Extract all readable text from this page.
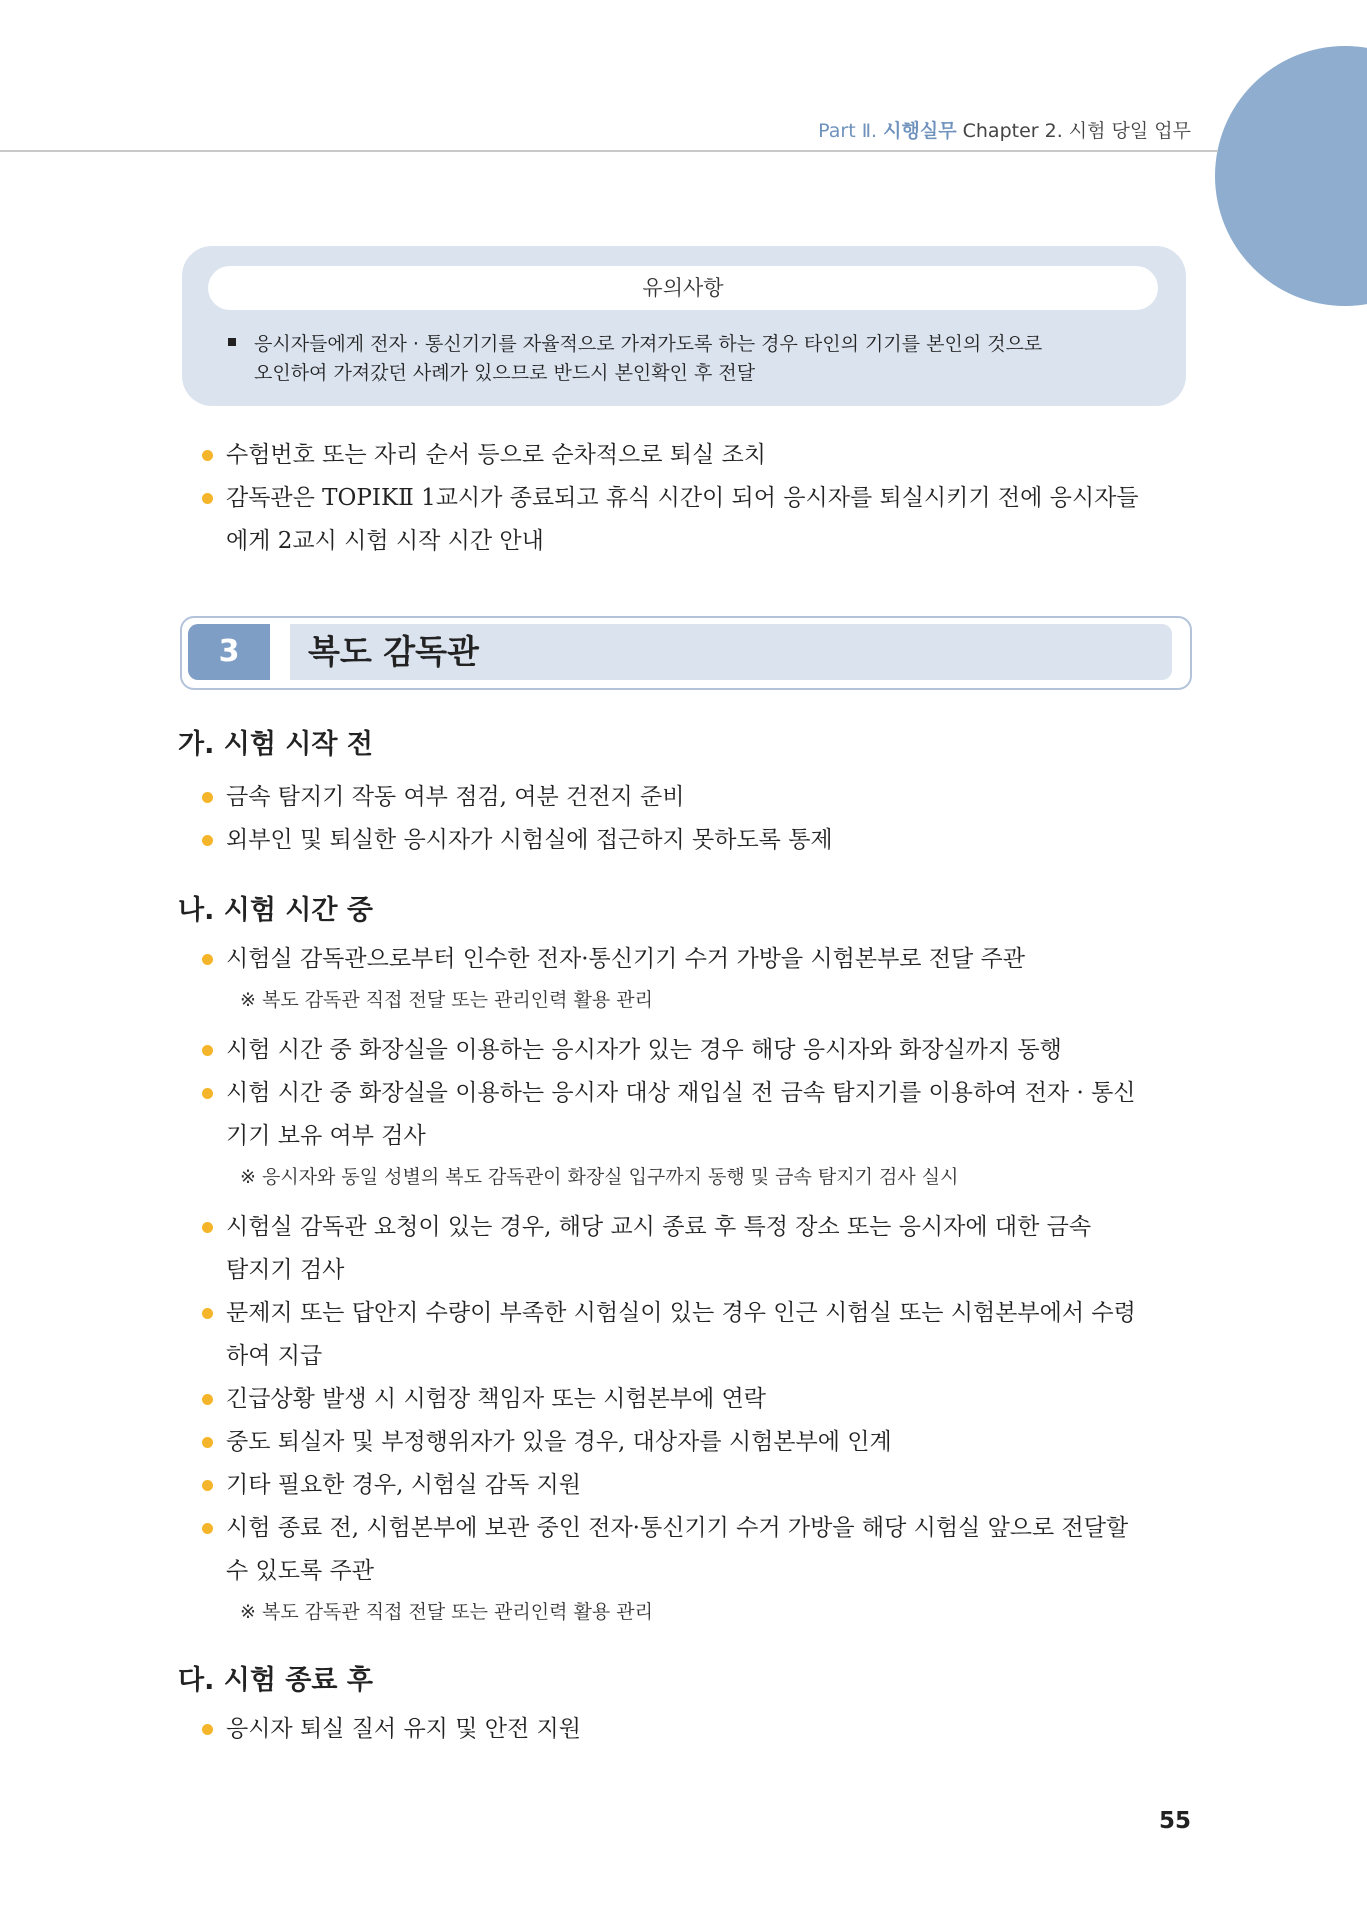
Part Ⅱ. 시행실무 Chapter 2. 시험 당일 업무
유의사항
응시자들에게 전자 · 통신기기를 자율적으로 가져가도록 하는 경우 타인의 기기를 본인의 것으로
오인하여 가져갔던 사례가 있으므로 반드시 본인확인 후 전달
수험번호 또는 자리 순서 등으로 순차적으로 퇴실 조치
감독관은 TOPIKⅡ 1교시가 종료되고 휴식 시간이 되어 응시자를 퇴실시키기 전에 응시자들
에게 2교시 시험 시작 시간 안내
3	복도 감독관
가. 시험 시작 전
금속 탐지기 작동 여부 점검, 여분 건전지 준비
외부인 및 퇴실한 응시자가 시험실에 접근하지 못하도록 통제
나. 시험 시간 중
시험실 감독관으로부터 인수한 전자·통신기기 수거 가방을 시험본부로 전달 주관
※ 복도 감독관 직접 전달 또는 관리인력 활용 관리
시험 시간 중 화장실을 이용하는 응시자가 있는 경우 해당 응시자와 화장실까지 동행
시험 시간 중 화장실을 이용하는 응시자 대상 재입실 전 금속 탐지기를 이용하여 전자 · 통신
기기 보유 여부 검사
※ 응시자와 동일 성별의 복도 감독관이 화장실 입구까지 동행 및 금속 탐지기 검사 실시
시험실 감독관 요청이 있는 경우, 해당 교시 종료 후 특정 장소 또는 응시자에 대한 금속
탐지기 검사
문제지 또는 답안지 수량이 부족한 시험실이 있는 경우 인근 시험실 또는 시험본부에서 수령
하여 지급
긴급상황 발생 시 시험장 책임자 또는 시험본부에 연락
중도 퇴실자 및 부정행위자가 있을 경우, 대상자를 시험본부에 인계
기타 필요한 경우, 시험실 감독 지원
시험 종료 전, 시험본부에 보관 중인 전자·통신기기 수거 가방을 해당 시험실 앞으로 전달할
수 있도록 주관
※ 복도 감독관 직접 전달 또는 관리인력 활용 관리
다. 시험 종료 후
응시자 퇴실 질서 유지 및 안전 지원
55
